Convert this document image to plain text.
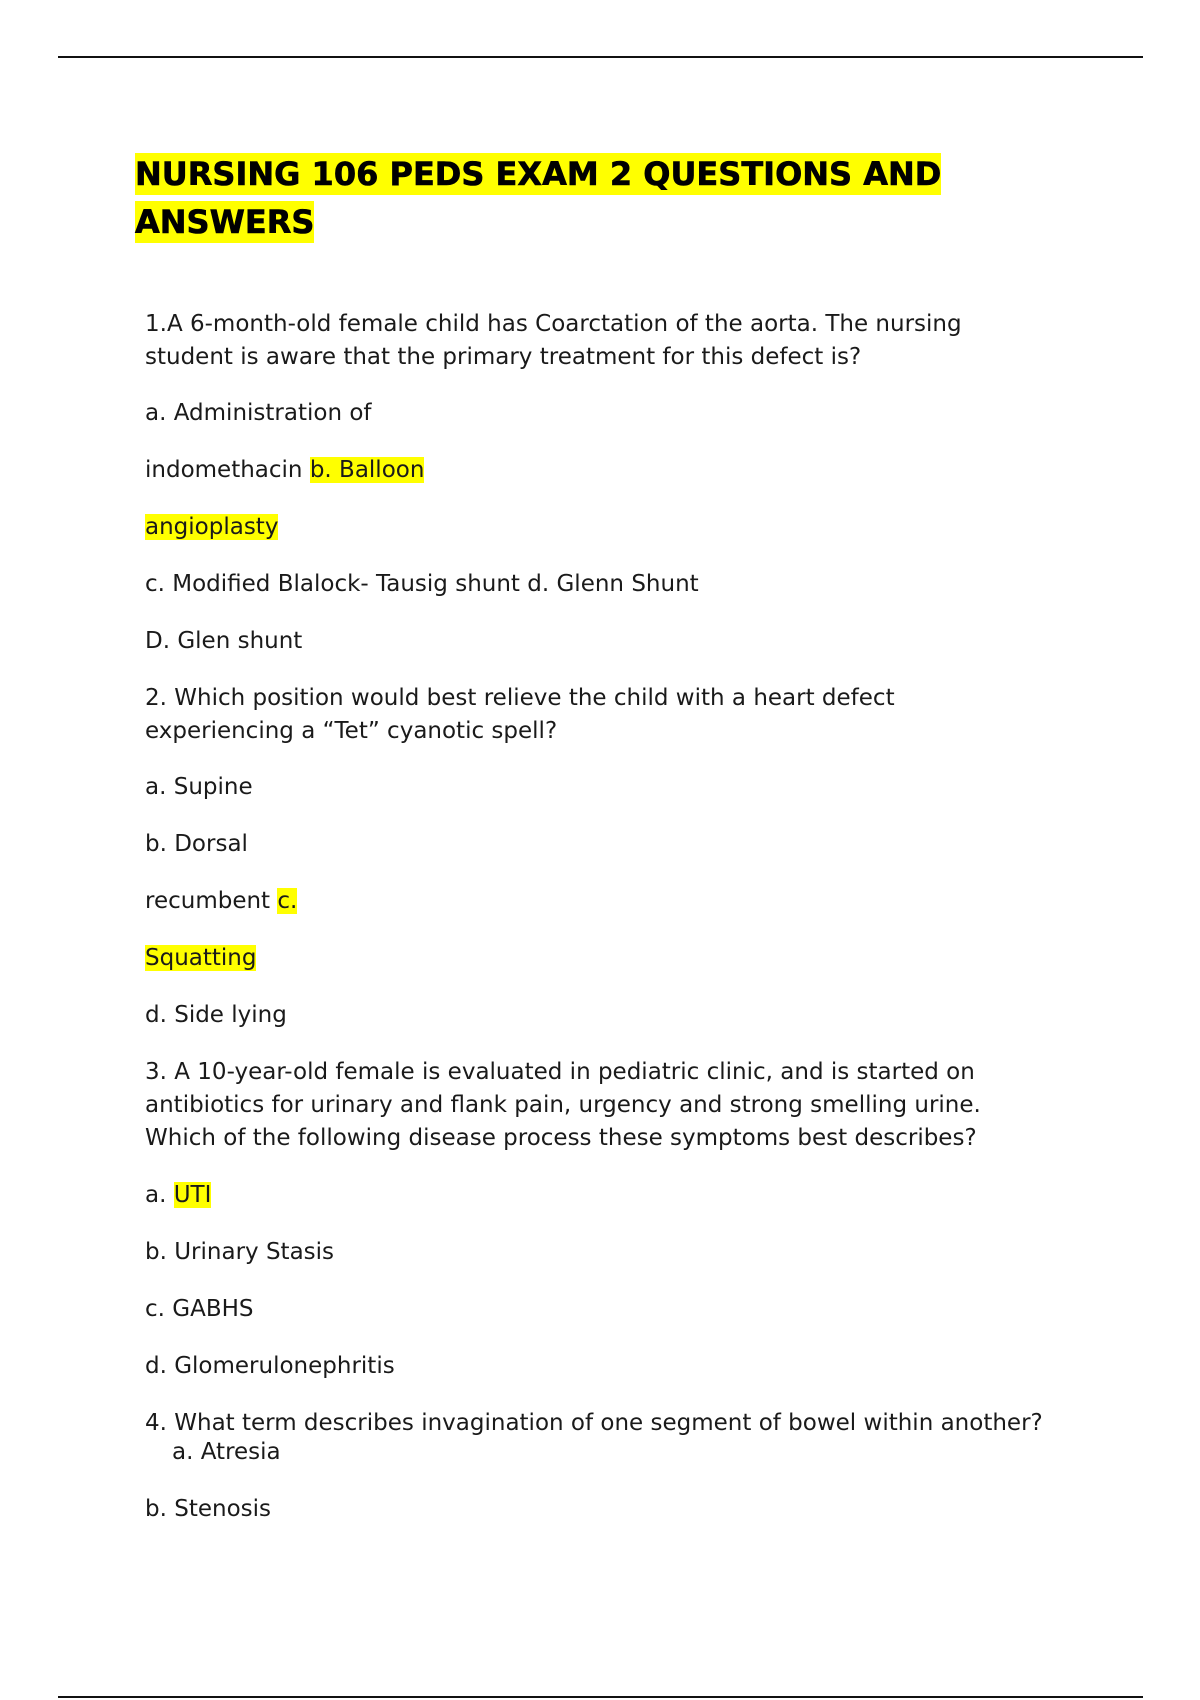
NURSING 106 PEDS EXAM 2 QUESTIONS AND
ANSWERS

1.A 6-month-old female child has Coarctation of the aorta. The nursing

student is aware that the primary treatment for this defect is?

a. Administration of

indomethacin b. Balloon

angioplasty

c. Modified Blalock- Tausig shunt d. Glenn Shunt

D. Glen shunt

2. Which position would best relieve the child with a heart defect

experiencing a “Tet” cyanotic spell?

a. Supine

b. Dorsal

recumbent c.

Squatting

d. Side lying

3. A 10-year-old female is evaluated in pediatric clinic, and is started on

antibiotics for urinary and flank pain, urgency and strong smelling urine.

Which of the following disease process these symptoms best describes?

a. UTI

b. Urinary Stasis

c. GABHS

d. Glomerulonephritis

4. What term describes invagination of one segment of bowel within another?

a. Atresia

b. Stenosis
